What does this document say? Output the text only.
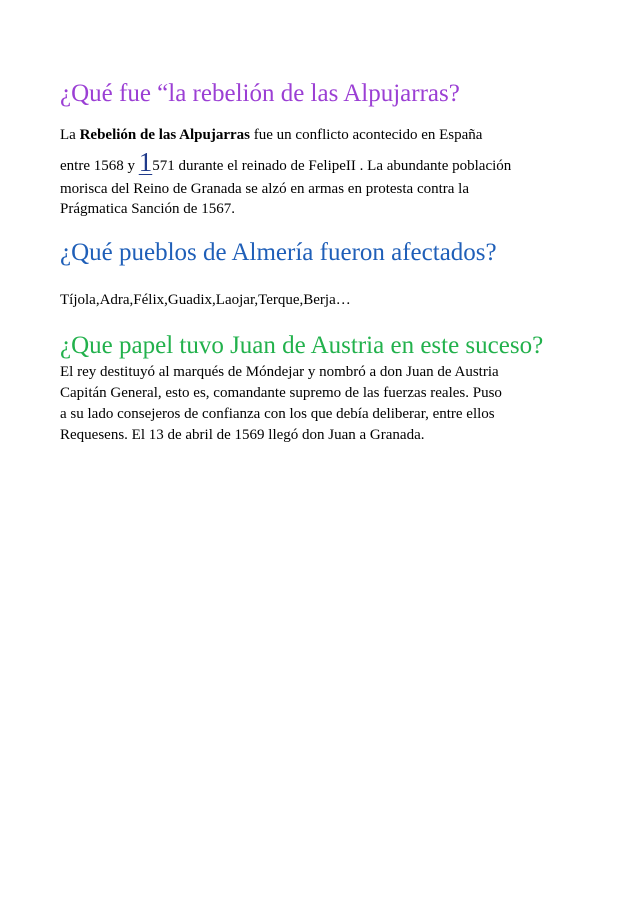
¿Qué fue “la rebelión de las Alpujarras?

La Rebelión de las Alpujarras fue un conflicto acontecido en España
entre 1568 y 1571 durante el reinado de FelipeII . La abundante población
morisca del Reino de Granada se alzó en armas en protesta contra la
Prágmatica Sanción de 1567.

¿Qué pueblos de Almería fueron afectados?

Tíjola,Adra,Félix,Guadix,Laojar,Terque,Berja…

¿Que papel tuvo Juan de Austria en este suceso?

El rey destituyó al marqués de Móndejar y nombró a don Juan de Austria
Capitán General, esto es, comandante supremo de las fuerzas reales. Puso
a su lado consejeros de confianza con los que debía deliberar, entre ellos
Requesens. El 13 de abril de 1569 llegó don Juan a Granada.
